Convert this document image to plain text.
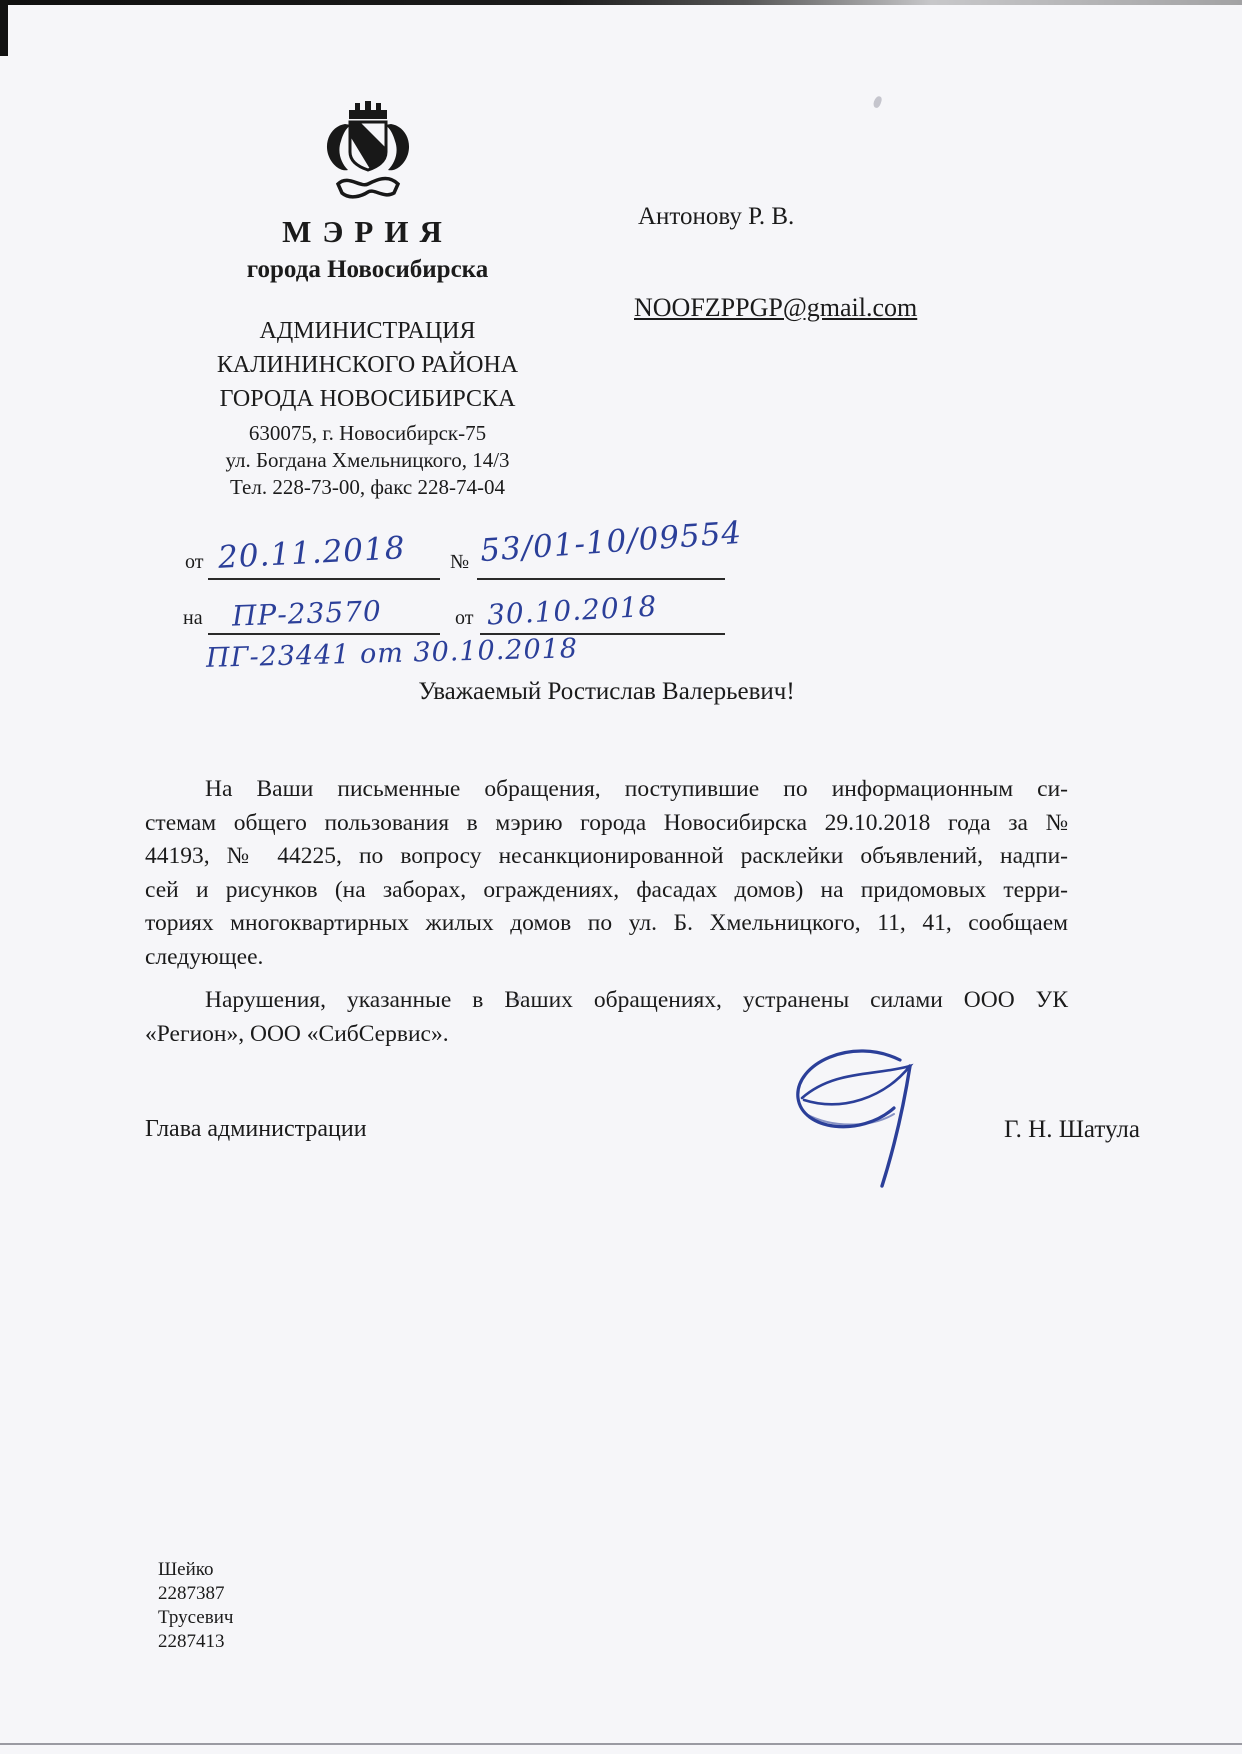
МЭРИЯ
города Новосибирска
АДМИНИСТРАЦИЯ
КАЛИНИНСКОГО РАЙОНА
ГОРОДА НОВОСИБИРСКА
630075, г. Новосибирск-75
ул. Богдана Хмельницкого, 14/3
Тел. 228-73-00, факс 228-74-04
Антонову Р. В.
NOOFZPPGP@gmail.com
от 20.11.2018 № 53/01-10/09554
на ПР-23570	от 30.10.2018
ПГ-23441 от 30.10.2018
Уважаемый Ростислав Валерьевич!
На Ваши письменные обращения, поступившие по информационным си-
стемам общего пользования в мэрию города Новосибирска 29.10.2018 года за №
44193, № 44225, по вопросу несанкционированной расклейки объявлений, надпи-
сей и рисунков (на заборах, ограждениях, фасадах домов) на придомовых терри-
ториях многоквартирных жилых домов по ул. Б. Хмельницкого, 11, 41, сообщаем
следующее.
Нарушения, указанные в Ваших обращениях, устранены силами ООО УК
«Регион», ООО «СибСервис».
Глава администрации	Г. Н. Шатула
Шейко
2287387
Трусевич
2287413
